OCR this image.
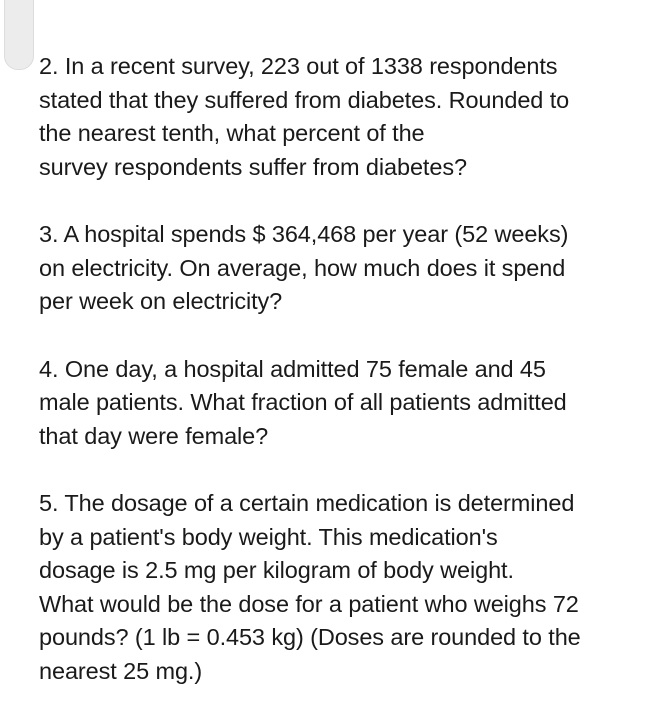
2. In a recent survey, 223 out of 1338 respondents
stated that they suffered from diabetes. Rounded to
the nearest tenth, what percent of the
survey respondents suffer from diabetes?
3. A hospital spends $ 364,468 per year (52 weeks)
on electricity. On average, how much does it spend
per week on electricity?
4. One day, a hospital admitted 75 female and 45
male patients. What fraction of all patients admitted
that day were female?
5. The dosage of a certain medication is determined
by a patient's body weight. This medication's
dosage is 2.5 mg per kilogram of body weight.
What would be the dose for a patient who weighs 72
pounds? (1 lb = 0.453 kg) (Doses are rounded to the
nearest 25 mg.)
